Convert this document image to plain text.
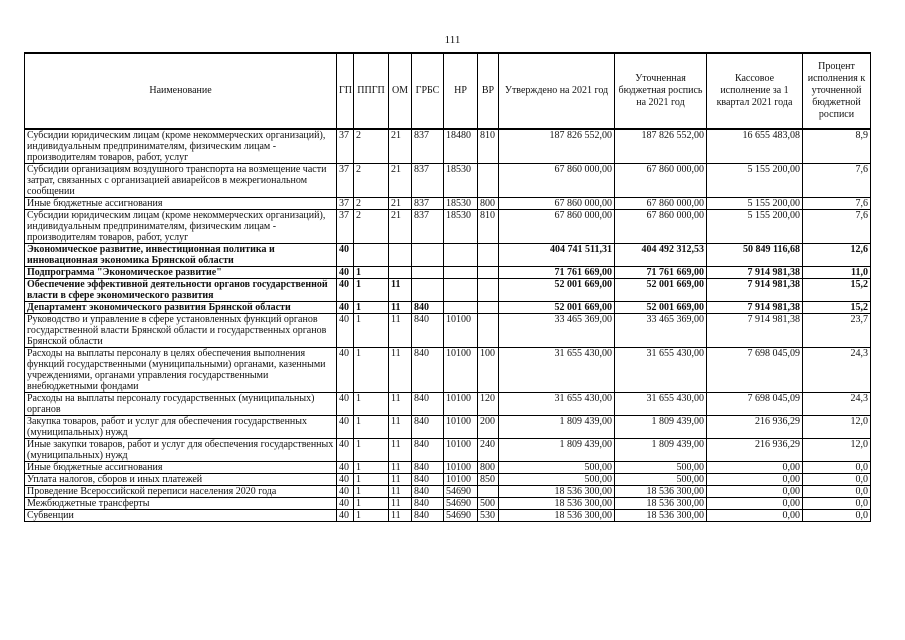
111
Наименование	ГП	ППГП	ОМ	ГРБС	НР	ВР	Утверждено на 2021 год	Уточненная бюджетная роспись на 2021 год	Кассовое исполнение за 1 квартал 2021 года	Процент исполнения к уточненной бюджетной росписи
Субсидии юридическим лицам (кроме некоммерческих организаций), индивидуальным предпринимателям, физическим лицам - производителям товаров, работ, услуг	37	2	21	837	18480	810	187 826 552,00	187 826 552,00	16 655 483,08	8,9
Субсидии организациям воздушного транспорта на возмещение части затрат, связанных с организацией авиарейсов в межрегиональном сообщении	37	2	21	837	18530		67 860 000,00	67 860 000,00	5 155 200,00	7,6
Иные бюджетные ассигнования	37	2	21	837	18530	800	67 860 000,00	67 860 000,00	5 155 200,00	7,6
Субсидии юридическим лицам (кроме некоммерческих организаций), индивидуальным предпринимателям, физическим лицам - производителям товаров, работ, услуг	37	2	21	837	18530	810	67 860 000,00	67 860 000,00	5 155 200,00	7,6
Экономическое развитие, инвестиционная политика и инновационная экономика Брянской области	40						404 741 511,31	404 492 312,53	50 849 116,68	12,6
Подпрограмма "Экономическое развитие"	40	1					71 761 669,00	71 761 669,00	7 914 981,38	11,0
Обеспечение эффективной деятельности органов государственной власти в сфере экономического развития	40	1	11				52 001 669,00	52 001 669,00	7 914 981,38	15,2
Департамент экономического развития Брянской области	40	1	11	840			52 001 669,00	52 001 669,00	7 914 981,38	15,2
Руководство и управление в сфере установленных функций органов государственной власти Брянской области и государственных органов Брянской области	40	1	11	840	10100		33 465 369,00	33 465 369,00	7 914 981,38	23,7
Расходы на выплаты персоналу в целях обеспечения выполнения функций государственными (муниципальными) органами, казенными учреждениями, органами управления государственными внебюджетными фондами	40	1	11	840	10100	100	31 655 430,00	31 655 430,00	7 698 045,09	24,3
Расходы на выплаты персоналу государственных (муниципальных) органов	40	1	11	840	10100	120	31 655 430,00	31 655 430,00	7 698 045,09	24,3
Закупка товаров, работ и услуг для обеспечения государственных (муниципальных) нужд	40	1	11	840	10100	200	1 809 439,00	1 809 439,00	216 936,29	12,0
Иные закупки товаров, работ и услуг для обеспечения государственных (муниципальных) нужд	40	1	11	840	10100	240	1 809 439,00	1 809 439,00	216 936,29	12,0
Иные бюджетные ассигнования	40	1	11	840	10100	800	500,00	500,00	0,00	0,0
Уплата налогов, сборов и иных платежей	40	1	11	840	10100	850	500,00	500,00	0,00	0,0
Проведение Всероссийской переписи населения 2020 года	40	1	11	840	54690		18 536 300,00	18 536 300,00	0,00	0,0
Межбюджетные трансферты	40	1	11	840	54690	500	18 536 300,00	18 536 300,00	0,00	0,0
Субвенции	40	1	11	840	54690	530	18 536 300,00	18 536 300,00	0,00	0,0
